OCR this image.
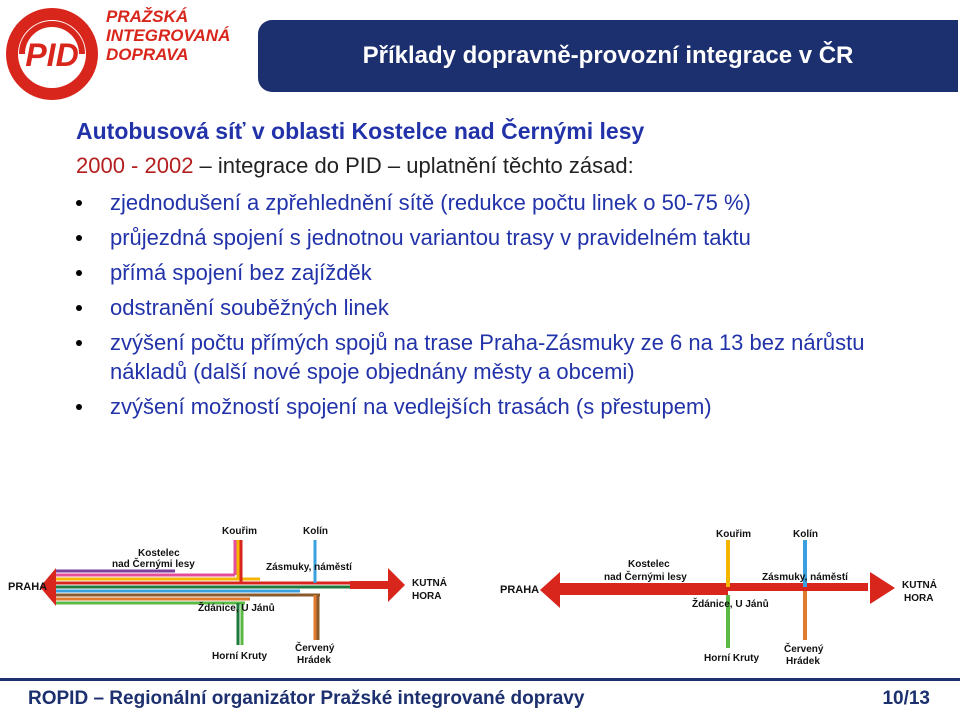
PID
PRAŽSKÁ
INTEGROVANÁ
DOPRAVA	Příklady dopravně-provozní integrace v ČR
Autobusová síť v oblasti Kostelce nad Černými lesy
2000 - 2002 – integrace do PID – uplatnění těchto zásad:
zjednodušení a zpřehlednění sítě (redukce počtu linek o 50-75 %)
průjezdná spojení s jednotnou variantou trasy v pravidelném taktu
přímá spojení bez zajížděk
odstranění souběžných linek
zvýšení počtu přímých spojů na trase Praha-Zásmuky ze 6 na 13 bez nárůstu nákladů (další nové spoje objednány městy a obcemi)
zvýšení možností spojení na vedlejších trasách (s přestupem)
PRAHA
Kouřim	Kolín
Kostelec
nad Černými lesy	Zásmuky, náměstí
KUTNÁ
HORA
Ždánice, U Jánů
Horní Kruty
Červený
Hrádek
PRAHA
Kouřim	Kolín
Kostelec
nad Černými lesy	Zásmuky, náměstí
KUTNÁ
HORA
Ždánice, U Jánů
Horní Kruty
Červený
Hrádek
ROPID – Regionální organizátor Pražské integrované dopravy	10/13
